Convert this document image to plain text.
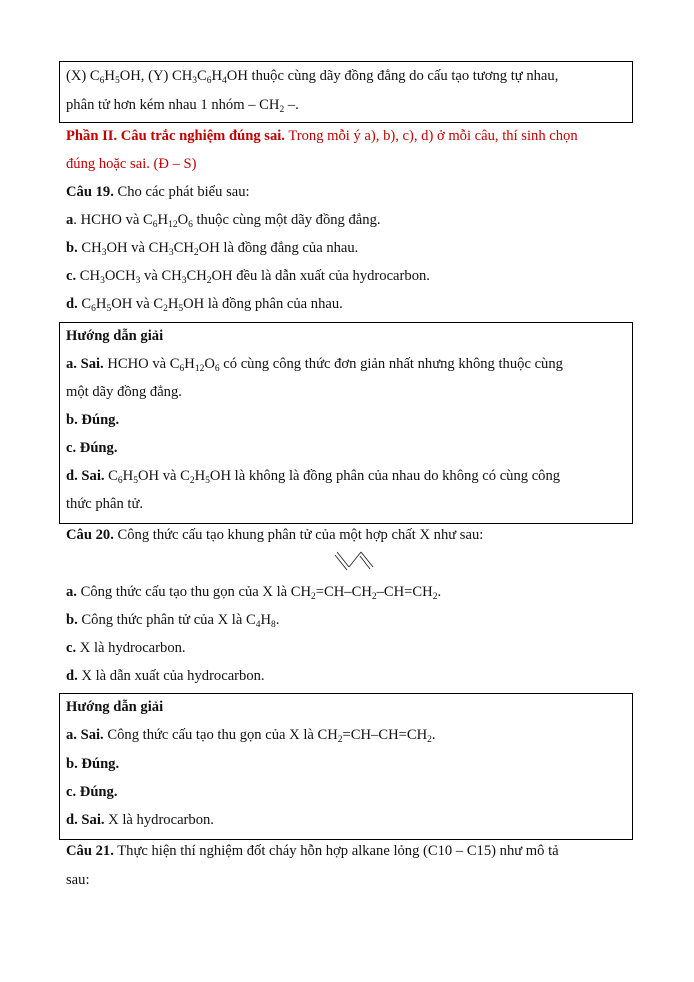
(X) $C_6H_5OH$, (Y) $CH_3C_6H_4OH$ thuộc cùng dãy đồng đẳng do cấu tạo tương tự nhau,
phân tử hơn kém nhau 1 nhóm – $CH_2$ –.
Phần II. Câu trắc nghiệm đúng sai. Trong mỗi ý a), b), c), d) ở mỗi câu, thí sinh chọn
đúng hoặc sai. (Đ – S)
Câu 19. Cho các phát biểu sau:
a. HCHO và $C_6H_{12}O_6$ thuộc cùng một dãy đồng đẳng.
b. $CH_3OH$ và $CH_3CH_2OH$ là đồng đẳng của nhau.
c. $CH_3OCH_3$ và $CH_3CH_2OH$ đều là dẫn xuất của hydrocarbon.
d. $C_6H_5OH$ và $C_2H_5OH$ là đồng phân của nhau.
Hướng dẫn giải
a. Sai. HCHO và $C_6H_{12}O_6$ có cùng công thức đơn giản nhất nhưng không thuộc cùng
một dãy đồng đẳng.
b. Đúng.
c. Đúng.
d. Sai. $C_6H_5OH$ và $C_2H_5OH$ là không là đồng phân của nhau do không có cùng công
thức phân tử.
Câu 20. Công thức cấu tạo khung phân tử của một hợp chất X như sau:
a. Công thức cấu tạo thu gọn của X là $CH_2=CH-CH_2-CH=CH_2$.
b. Công thức phân tử của X là $C_4H_8$.
c. X là hydrocarbon.
d. X là dẫn xuất của hydrocarbon.
Hướng dẫn giải
a. Sai. Công thức cấu tạo thu gọn của X là $CH_2=CH-CH=CH_2$.
b. Đúng.
c. Đúng.
d. Sai. X là hydrocarbon.
Câu 21. Thực hiện thí nghiệm đốt cháy hỗn hợp alkane lỏng (C10 – C15) như mô tả
sau:
